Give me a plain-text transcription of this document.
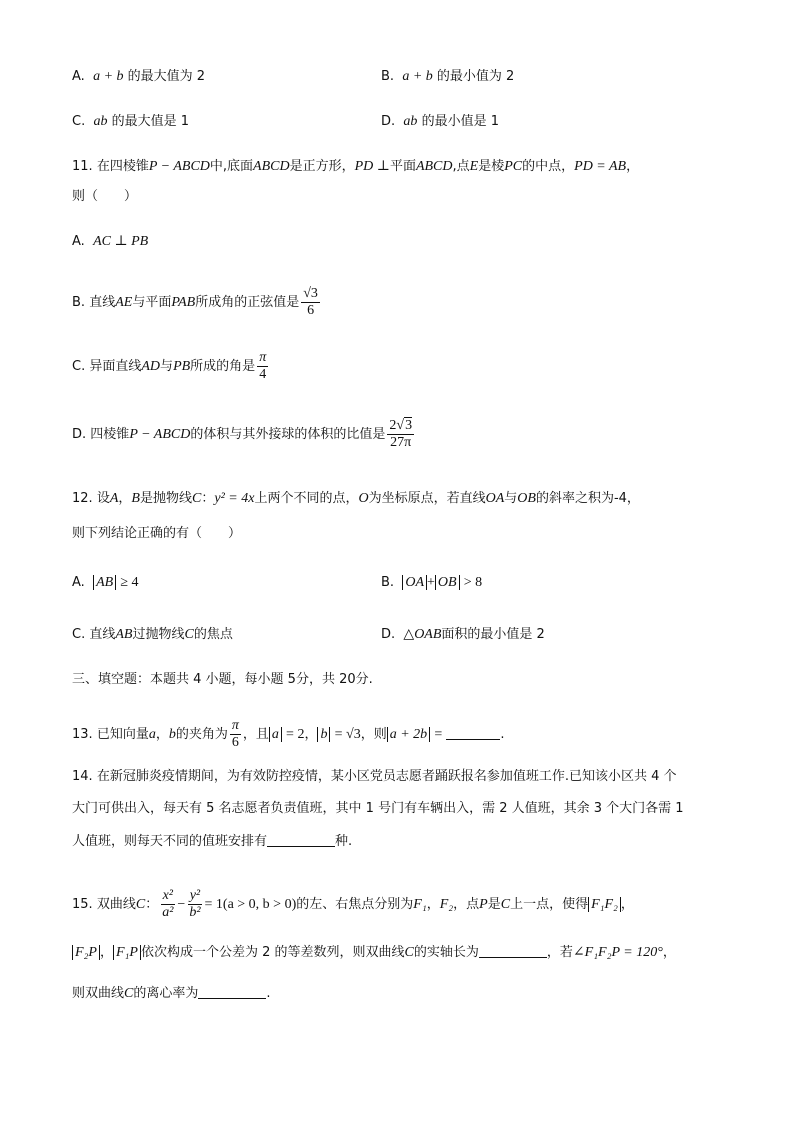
A. a + b 的最大值为 2	B. a + b 的最小值为 2
C. ab 的最大值是 1	D. ab 的最小值是 1
11. 在四棱锥P − ABCD中,底面ABCD是正方形，PD ⊥平面ABCD,点E是棱PC的中点，PD = AB，
则（　　）
A. AC ⊥ PB
B. 直线AE与平面PAB所成角的正弦值是 $\frac{√3}{6}$
C. 异面直线AD与PB所成的角是 $\frac{\pi}{4}$
D. 四棱锥P − ABCD的体积与其外接球的体积的比值是 $\frac{2√3}{27\pi}$
12. 设A，B是抛物线C：y² = 4x上两个不同的点，O为坐标原点，若直线OA与OB的斜率之积为-4，
则下列结论正确的有（　　）
A. AB ≥ 4	B. OA + OB > 8
C. 直线AB过抛物线C的焦点	D. △OAB面积的最小值是 2
三、填空题：本题共 4 小题，每小题 5分，共 20分.
13. 已知向量a，b的夹角为 $\frac{\pi}{6}$ ，且 a = 2， b = √3，则 a + 2b =	.
14. 在新冠肺炎疫情期间，为有效防控疫情，某小区党员志愿者踊跃报名参加值班工作.已知该小区共 4 个
大门可供出入，每天有 5 名志愿者负责值班，其中 1 号门有车辆出入，需 2 人值班，其余 3 个大门各需 1
人值班，则每天不同的值班安排有	种.
15. 双曲线C： $\frac{\text{x²}}{\text{a²}} - \frac{\text{y²}}{\text{b²}} = 1(a > 0$, b > 0)的左、右焦点分别为F₁，F₂，点P是C上一点，使得 F₁F₂ ，
F₂P ， F₁P 依次构成一个公差为 2 的等差数列，则双曲线C的实轴长为	，若∠F₁F₂P = 120°，
则双曲线C的离心率为	.
